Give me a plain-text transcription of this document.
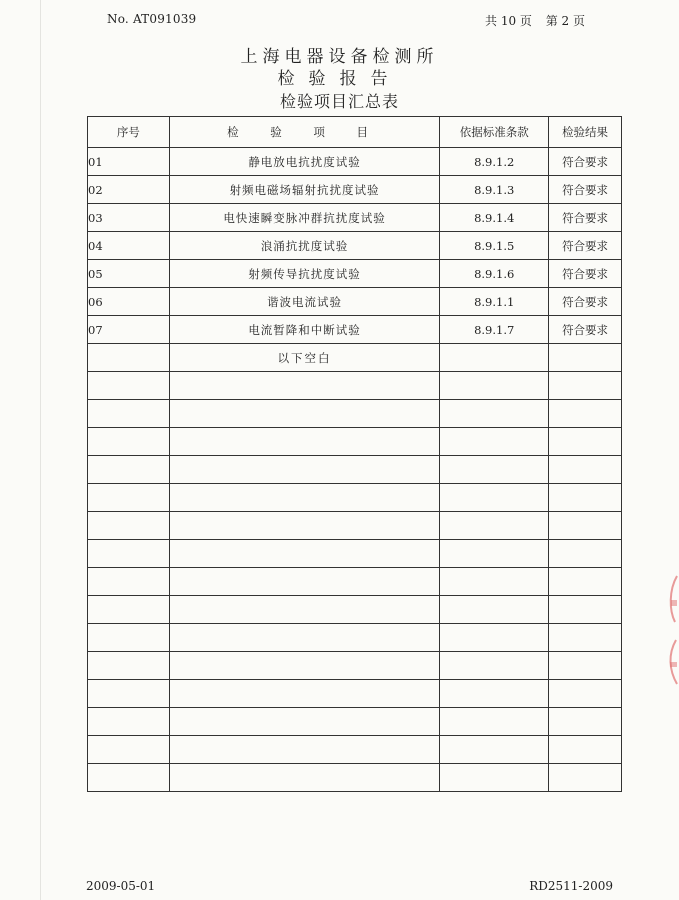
No. AT091039	共 10 页 第 2 页
上海电器设备检测所
检验报告
检验项目汇总表
序号	检 验 项 目	依据标准条款	检验结果
01	静电放电抗扰度试验	8.9.1.2	符合要求
02	射频电磁场辐射抗扰度试验	8.9.1.3	符合要求
03	电快速瞬变脉冲群抗扰度试验	8.9.1.4	符合要求
04	浪涌抗扰度试验	8.9.1.5	符合要求
05	射频传导抗扰度试验	8.9.1.6	符合要求
06	谐波电流试验	8.9.1.1	符合要求
07	电流暂降和中断试验	8.9.1.7	符合要求
	以下空白		

2009-05-01	RD2511-2009
